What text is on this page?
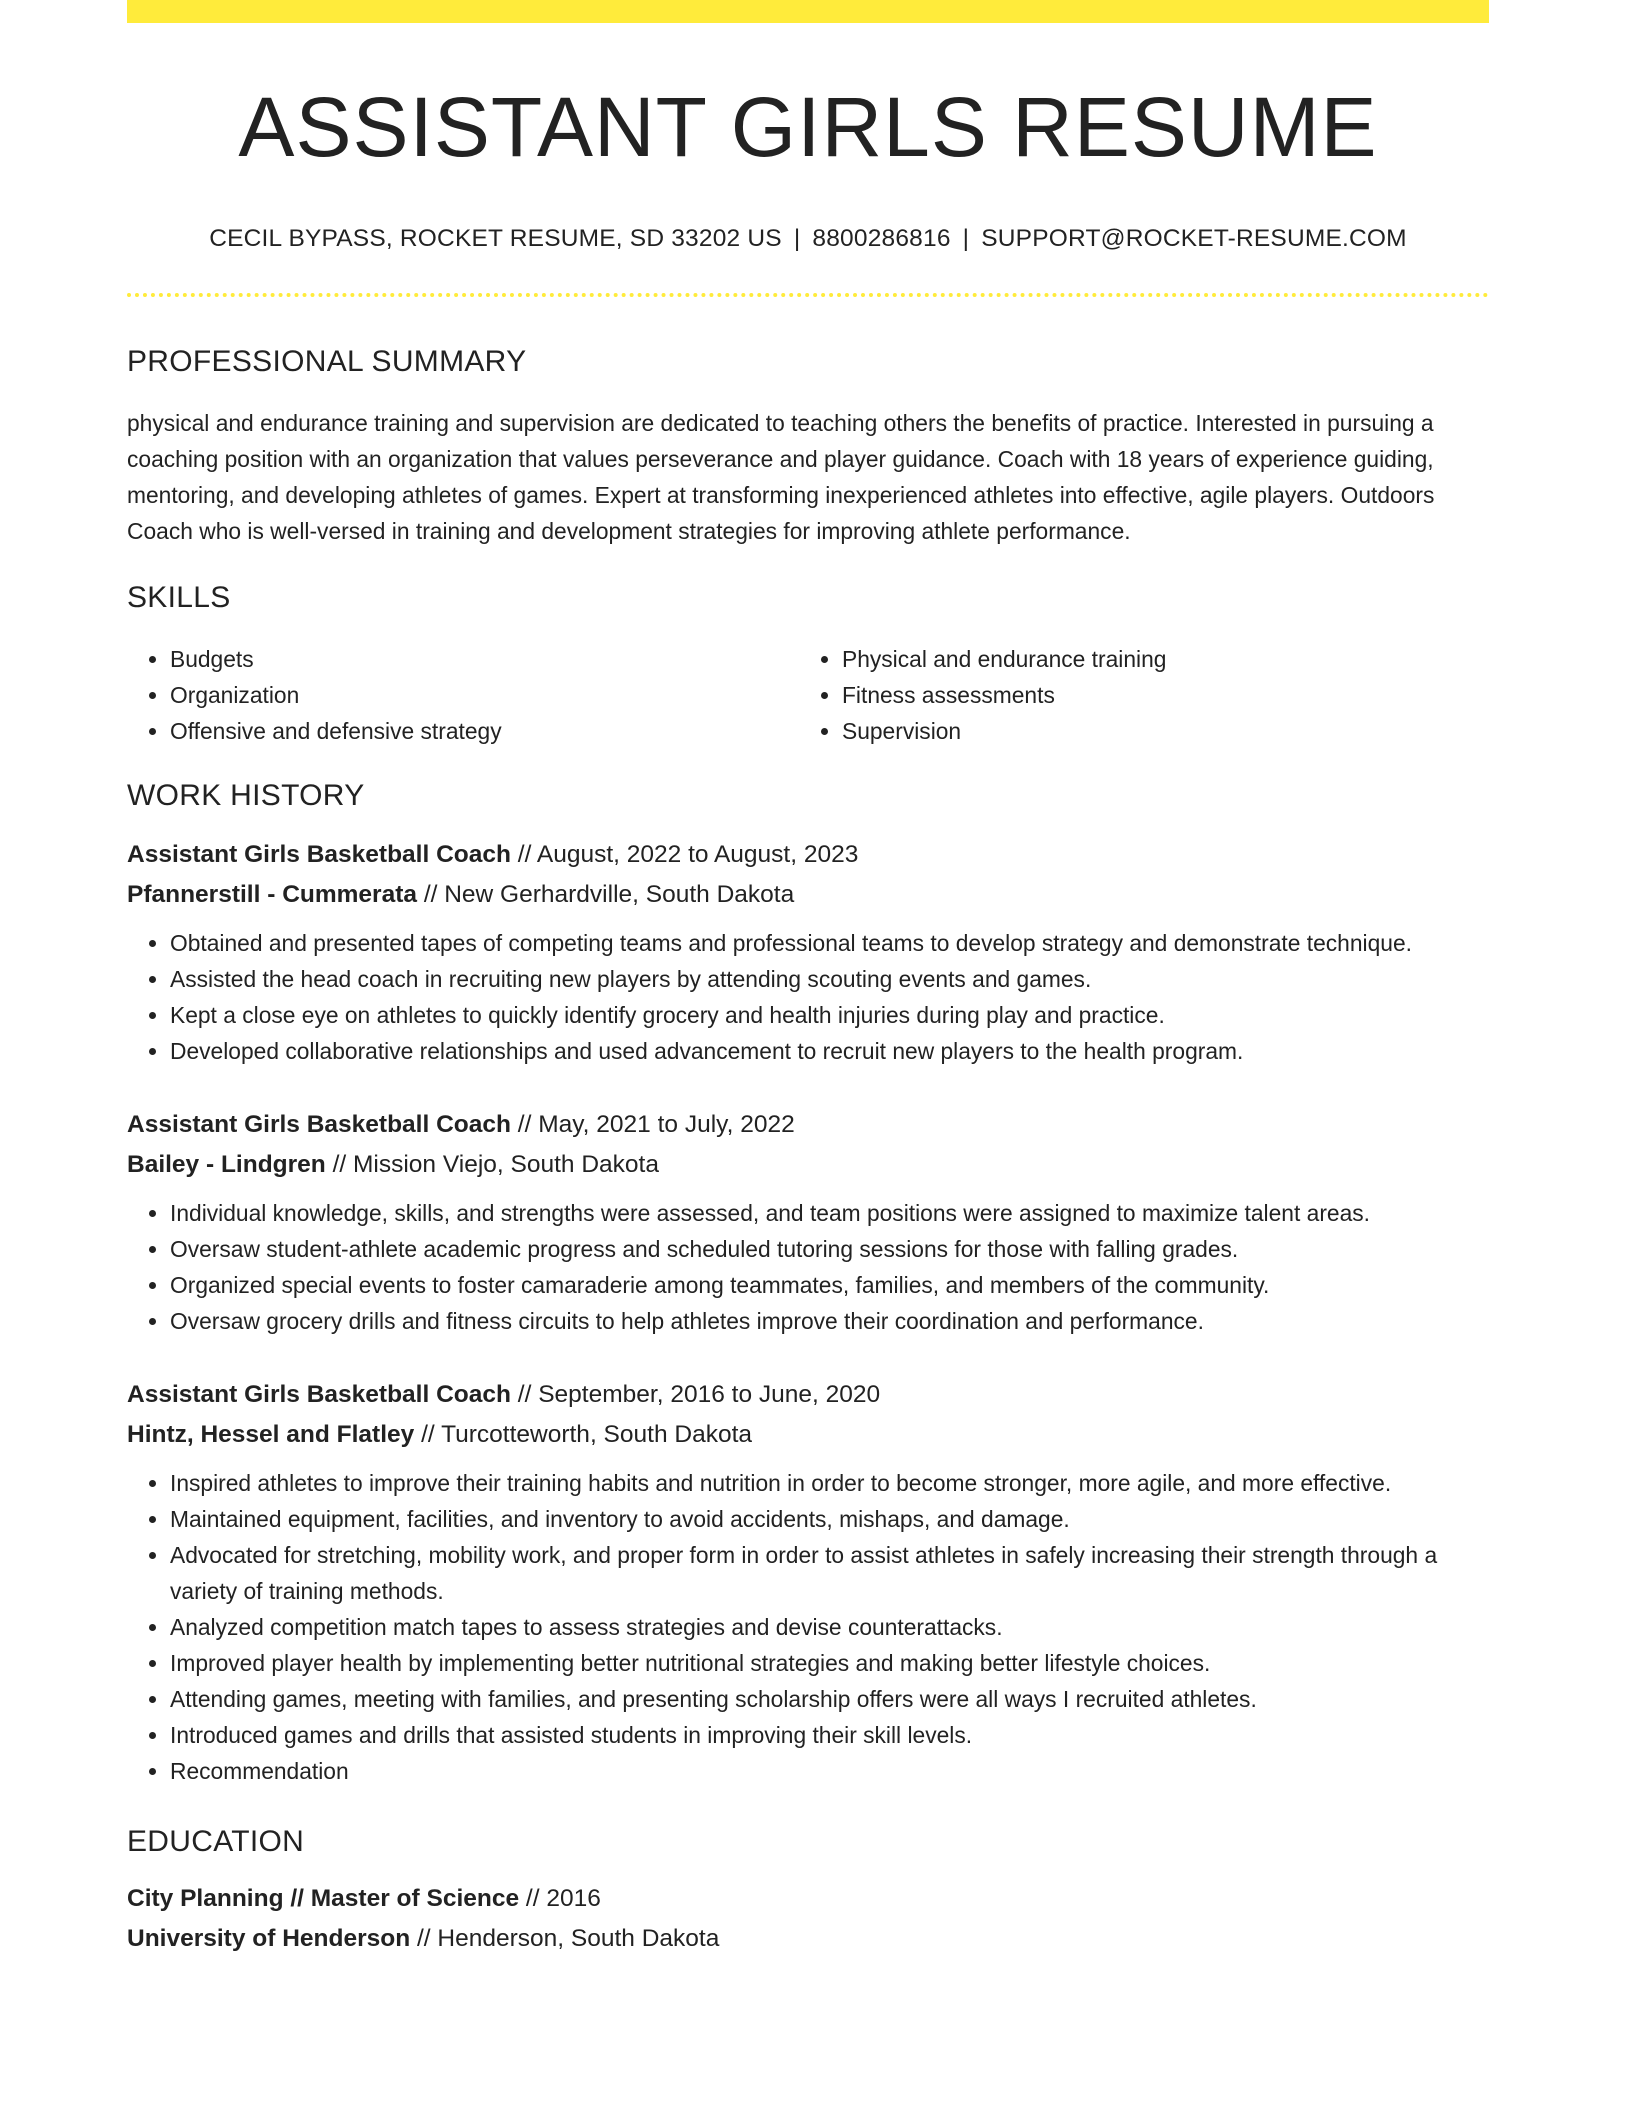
ASSISTANT GIRLS RESUME
CECIL BYPASS, ROCKET RESUME, SD 33202 US | 8800286816 | SUPPORT@ROCKET-RESUME.COM
PROFESSIONAL SUMMARY
physical and endurance training and supervision are dedicated to teaching others the benefits of practice. Interested in pursuing a coaching position with an organization that values perseverance and player guidance. Coach with 18 years of experience guiding, mentoring, and developing athletes of games. Expert at transforming inexperienced athletes into effective, agile players. Outdoors Coach who is well-versed in training and development strategies for improving athlete performance.
SKILLS
• Budgets
• Organization
• Offensive and defensive strategy
• Physical and endurance training
• Fitness assessments
• Supervision
WORK HISTORY
Assistant Girls Basketball Coach // August, 2022 to August, 2023
Pfannerstill - Cummerata // New Gerhardville, South Dakota
• Obtained and presented tapes of competing teams and professional teams to develop strategy and demonstrate technique.
• Assisted the head coach in recruiting new players by attending scouting events and games.
• Kept a close eye on athletes to quickly identify grocery and health injuries during play and practice.
• Developed collaborative relationships and used advancement to recruit new players to the health program.
Assistant Girls Basketball Coach // May, 2021 to July, 2022
Bailey - Lindgren // Mission Viejo, South Dakota
• Individual knowledge, skills, and strengths were assessed, and team positions were assigned to maximize talent areas.
• Oversaw student-athlete academic progress and scheduled tutoring sessions for those with falling grades.
• Organized special events to foster camaraderie among teammates, families, and members of the community.
• Oversaw grocery drills and fitness circuits to help athletes improve their coordination and performance.
Assistant Girls Basketball Coach // September, 2016 to June, 2020
Hintz, Hessel and Flatley // Turcotteworth, South Dakota
• Inspired athletes to improve their training habits and nutrition in order to become stronger, more agile, and more effective.
• Maintained equipment, facilities, and inventory to avoid accidents, mishaps, and damage.
• Advocated for stretching, mobility work, and proper form in order to assist athletes in safely increasing their strength through a variety of training methods.
• Analyzed competition match tapes to assess strategies and devise counterattacks.
• Improved player health by implementing better nutritional strategies and making better lifestyle choices.
• Attending games, meeting with families, and presenting scholarship offers were all ways I recruited athletes.
• Introduced games and drills that assisted students in improving their skill levels.
• Recommendation
EDUCATION
City Planning // Master of Science // 2016
University of Henderson // Henderson, South Dakota
